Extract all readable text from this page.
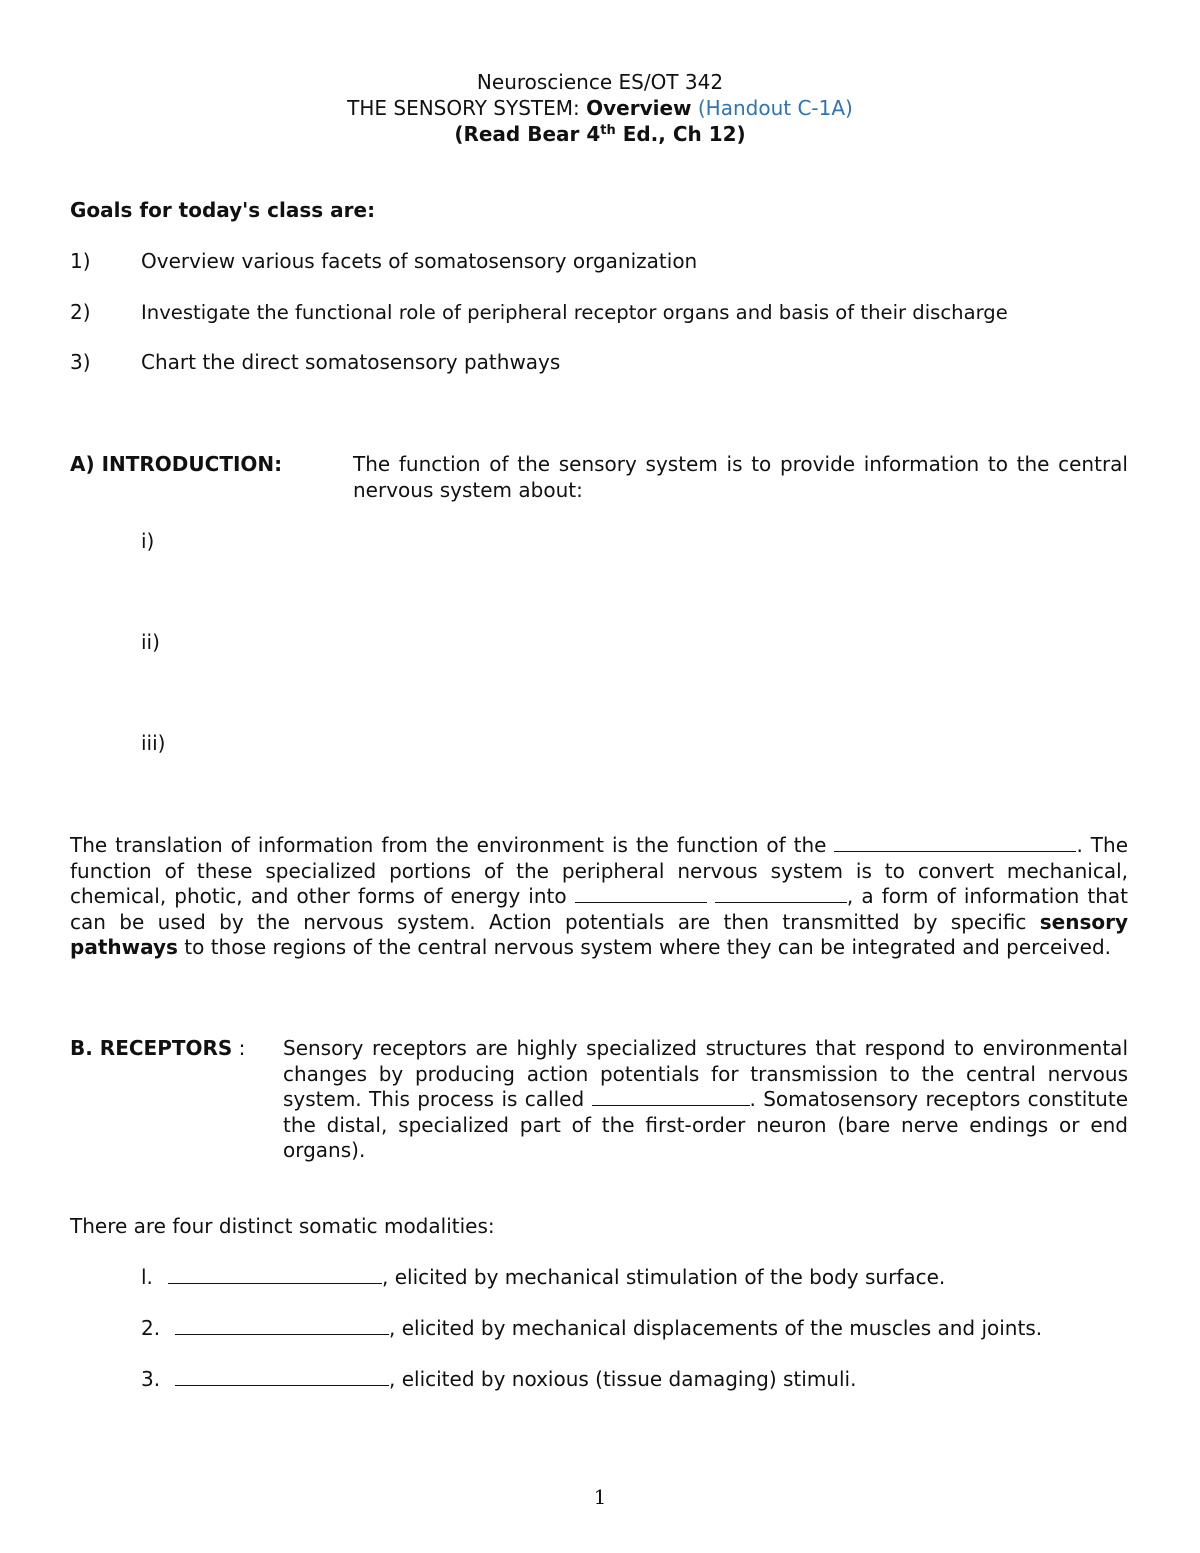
Neuroscience ES/OT 342
THE SENSORY SYSTEM: Overview (Handout C-1A)
(Read Bear 4th Ed., Ch 12)
Goals for today's class are:
1)	Overview various facets of somatosensory organization
2)	Investigate the functional role of peripheral receptor organs and basis of their discharge
3)	Chart the direct somatosensory pathways
A) INTRODUCTION:	The function of the sensory system is to provide information to the central nervous system about:
i)
ii)
iii)
The translation of information from the environment is the function of the	. The function of these specialized portions of the peripheral nervous system is to convert mechanical, chemical, photic, and other forms of energy into	, a form of information that can be used by the nervous system. Action potentials are then transmitted by specific sensory pathways to those regions of the central nervous system where they can be integrated and perceived.
B. RECEPTORS : Sensory receptors are highly specialized structures that respond to environmental changes by producing action potentials for transmission to the central nervous system. This process is called	. Somatosensory receptors constitute the distal, specialized part of the first-order neuron (bare nerve endings or end organs).
There are four distinct somatic modalities:
l.	, elicited by mechanical stimulation of the body surface.
2.	, elicited by mechanical displacements of the muscles and joints.
3.	, elicited by noxious (tissue damaging) stimuli.
1
